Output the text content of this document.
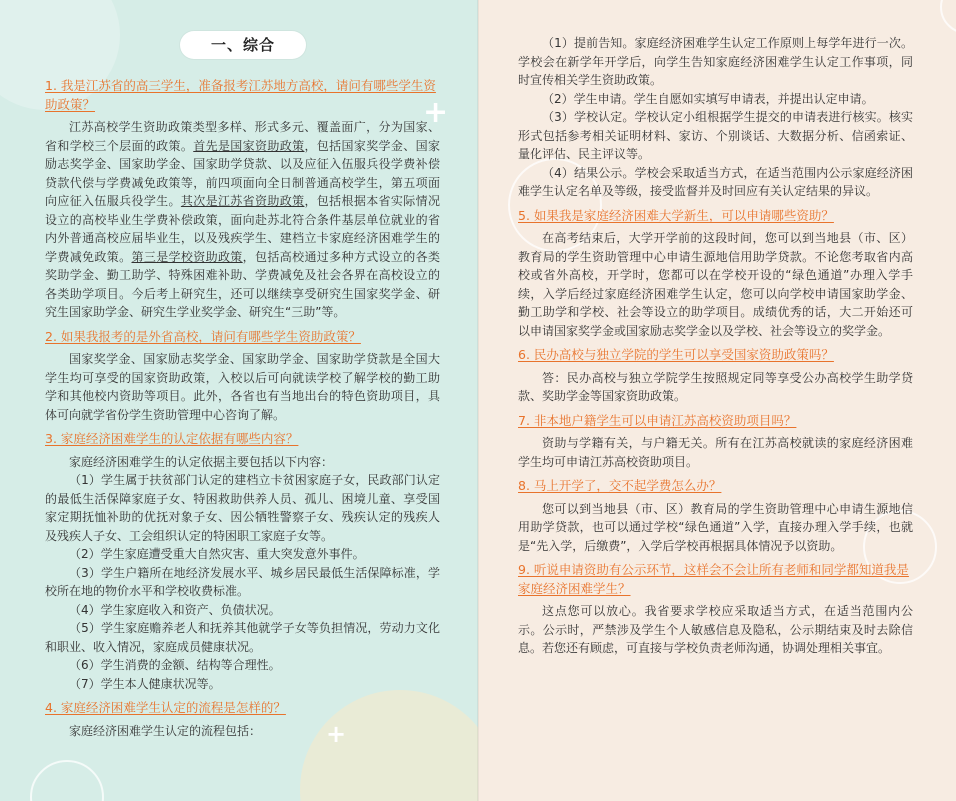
+
+
一、综合
1. 我是江苏省的高三学生，准备报考江苏地方高校，请问有哪些学生资助政策？

江苏高校学生资助政策类型多样、形式多元、覆盖面广，分为国家、省和学校三个层面的政策。首先是国家资助政策，包括国家奖学金、国家励志奖学金、国家助学金、国家助学贷款、以及应征入伍服兵役学费补偿贷款代偿与学费减免政策等，前四项面向全日制普通高校学生，第五项面向应征入伍服兵役学生。其次是江苏省资助政策，包括根据本省实际情况设立的高校毕业生学费补偿政策，面向赴苏北符合条件基层单位就业的省内外普通高校应届毕业生，以及残疾学生、建档立卡家庭经济困难学生的学费减免政策。第三是学校资助政策，包括高校通过多种方式设立的各类奖助学金、勤工助学、特殊困难补助、学费减免及社会各界在高校设立的各类助学项目。今后考上研究生，还可以继续享受研究生国家奖学金、研究生国家助学金、研究生学业奖学金、研究生“三助”等。

2. 如果我报考的是外省高校，请问有哪些学生资助政策？

国家奖学金、国家励志奖学金、国家助学金、国家助学贷款是全国大学生均可享受的国家资助政策，入校以后可向就读学校了解学校的勤工助学和其他校内资助等项目。此外，各省也有当地出台的特色资助项目，具体可向就学省份学生资助管理中心咨询了解。

3. 家庭经济困难学生的认定依据有哪些内容？

家庭经济困难学生的认定依据主要包括以下内容：

（1）学生属于扶贫部门认定的建档立卡贫困家庭子女，民政部门认定的最低生活保障家庭子女、特困救助供养人员、孤儿、困境儿童、享受国家定期抚恤补助的优抚对象子女、因公牺牲警察子女、残疾认定的残疾人及残疾人子女、工会组织认定的特困职工家庭子女等。

（2）学生家庭遭受重大自然灾害、重大突发意外事件。

（3）学生户籍所在地经济发展水平、城乡居民最低生活保障标准，学校所在地的物价水平和学校收费标准。

（4）学生家庭收入和资产、负债状况。

（5）学生家庭赡养老人和抚养其他就学子女等负担情况，劳动力文化和职业、收入情况，家庭成员健康状况。

（6）学生消费的金额、结构等合理性。

（7）学生本人健康状况等。

4. 家庭经济困难学生认定的流程是怎样的？

家庭经济困难学生认定的流程包括：

（1）提前告知。家庭经济困难学生认定工作原则上每学年进行一次。学校会在新学年开学后，向学生告知家庭经济困难学生认定工作事项，同时宣传相关学生资助政策。

（2）学生申请。学生自愿如实填写申请表，并提出认定申请。

（3）学校认定。学校认定小组根据学生提交的申请表进行核实。核实形式包括参考相关证明材料、家访、个别谈话、大数据分析、信函索证、量化评估、民主评议等。

（4）结果公示。学校会采取适当方式，在适当范围内公示家庭经济困难学生认定名单及等级，接受监督并及时回应有关认定结果的异议。

5. 如果我是家庭经济困难大学新生，可以申请哪些资助？

在高考结束后，大学开学前的这段时间，您可以到当地县（市、区）教育局的学生资助管理中心申请生源地信用助学贷款。不论您考取省内高校或省外高校，开学时，您都可以在学校开设的“绿色通道”办理入学手续，入学后经过家庭经济困难学生认定，您可以向学校申请国家助学金、勤工助学和学校、社会等设立的助学项目。成绩优秀的话，大二开始还可以申请国家奖学金或国家励志奖学金以及学校、社会等设立的奖学金。

6. 民办高校与独立学院的学生可以享受国家资助政策吗？

答：民办高校与独立学院学生按照规定同等享受公办高校学生助学贷款、奖助学金等国家资助政策。

7. 非本地户籍学生可以申请江苏高校资助项目吗？

资助与学籍有关，与户籍无关。所有在江苏高校就读的家庭经济困难学生均可申请江苏高校资助项目。

8. 马上开学了，交不起学费怎么办？

您可以到当地县（市、区）教育局的学生资助管理中心申请生源地信用助学贷款，也可以通过学校“绿色通道”入学，直接办理入学手续，也就是“先入学，后缴费”，入学后学校再根据具体情况予以资助。

9. 听说申请资助有公示环节，这样会不会让所有老师和同学都知道我是家庭经济困难学生？

这点您可以放心。我省要求学校应采取适当方式，在适当范围内公示。公示时，严禁涉及学生个人敏感信息及隐私，公示期结束及时去除信息。若您还有顾虑，可直接与学校负责老师沟通，协调处理相关事宜。
